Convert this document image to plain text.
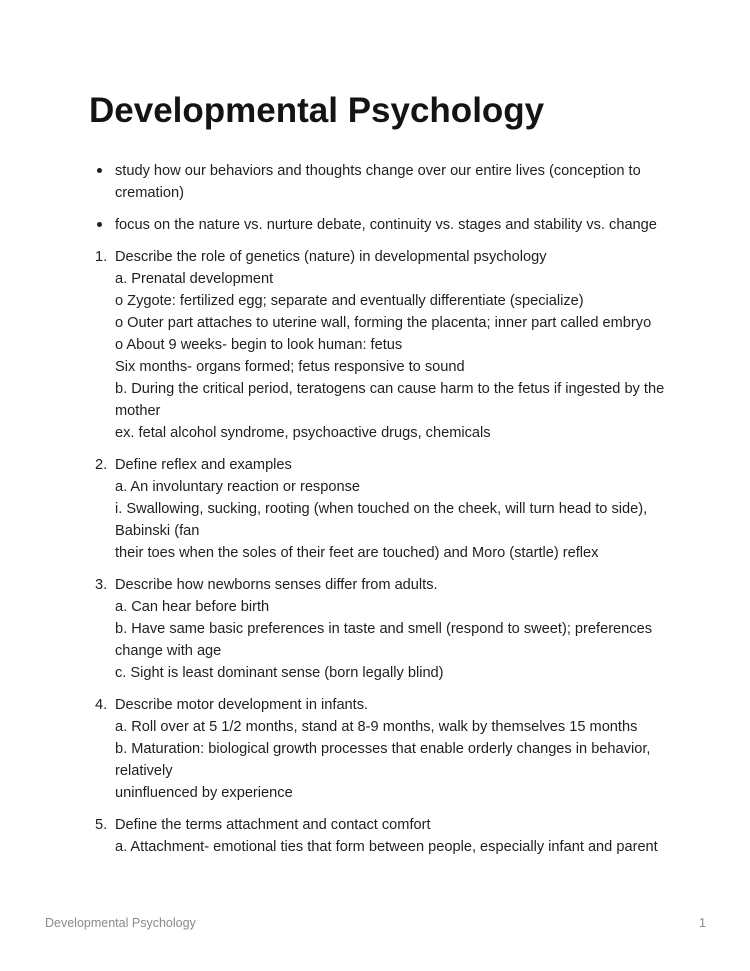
Developmental Psychology
study how our behaviors and thoughts change over our entire lives (conception to cremation)
focus on the nature vs. nurture debate, continuity vs. stages and stability vs. change
1. Describe the role of genetics (nature) in developmental psychology
a. Prenatal development
o Zygote: fertilized egg; separate and eventually differentiate (specialize)
o Outer part attaches to uterine wall, forming the placenta; inner part called embryo
o About 9 weeks- begin to look human: fetus
Six months- organs formed; fetus responsive to sound
b. During the critical period, teratogens can cause harm to the fetus if ingested by the mother
ex. fetal alcohol syndrome, psychoactive drugs, chemicals
2. Define reflex and examples
a. An involuntary reaction or response
i. Swallowing, sucking, rooting (when touched on the cheek, will turn head to side), Babinski (fan
their toes when the soles of their feet are touched) and Moro (startle) reflex
3. Describe how newborns senses differ from adults.
a. Can hear before birth
b. Have same basic preferences in taste and smell (respond to sweet); preferences change with age
c. Sight is least dominant sense (born legally blind)
4. Describe motor development in infants.
a. Roll over at 5 1/2 months, stand at 8-9 months, walk by themselves 15 months
b. Maturation: biological growth processes that enable orderly changes in behavior, relatively
uninfluenced by experience
5. Define the terms attachment and contact comfort
a. Attachment- emotional ties that form between people, especially infant and parent
Developmental Psychology	1
